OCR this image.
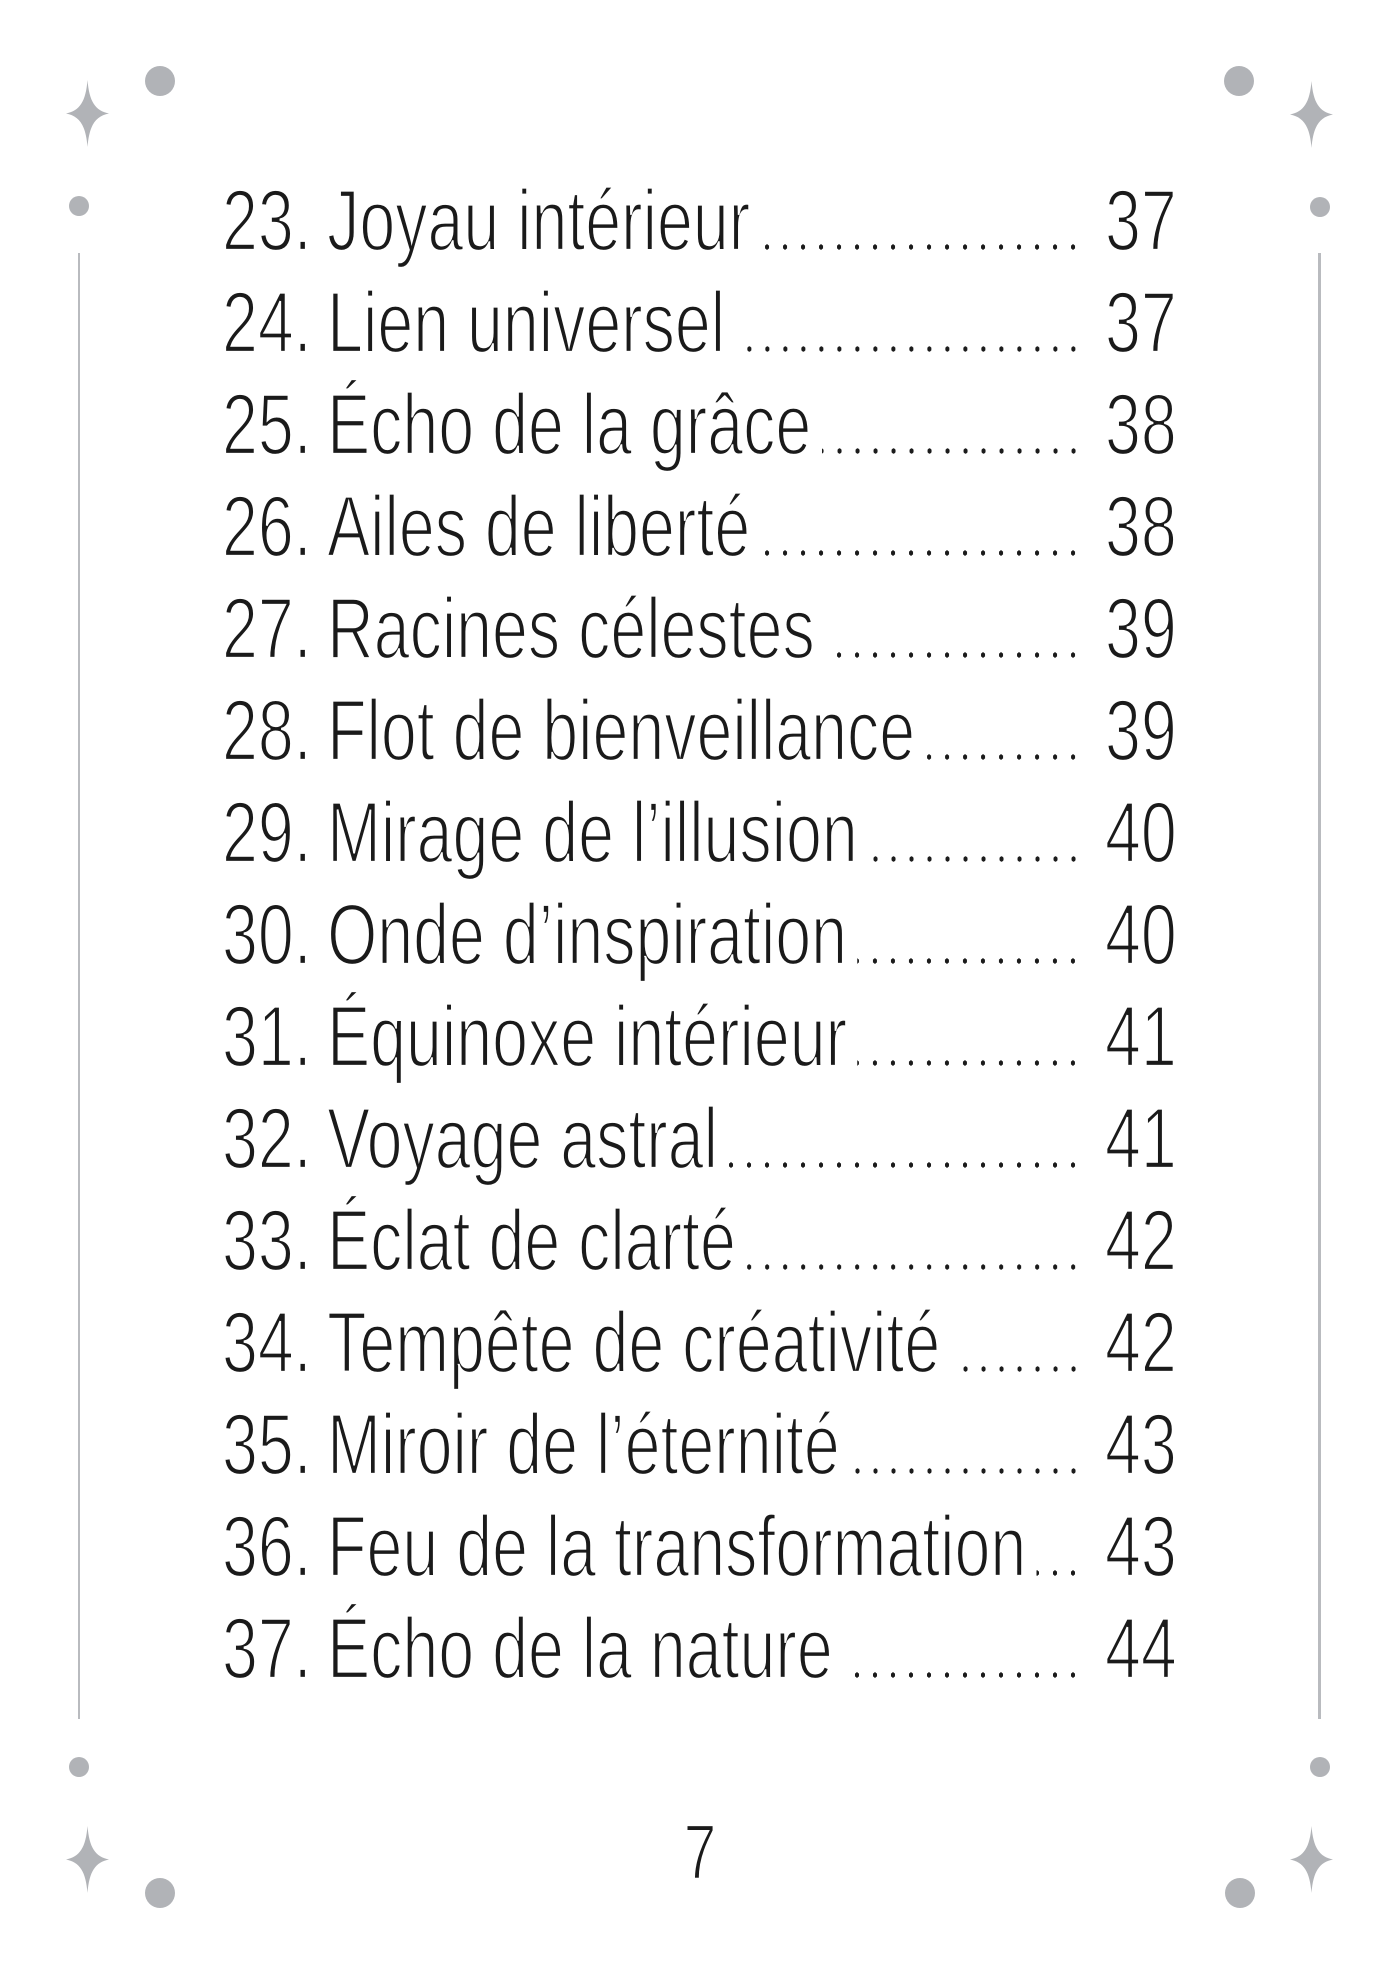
23. Joyau intérieur	37
24. Lien universel	37
25. Écho de la grâce	38
26. Ailes de liberté	38
27. Racines célestes	39
28. Flot de bienveillance 39
29. Mirage de l’illusion	40
30. Onde d’inspiration	40
31. Équinoxe intérieur	41
32. Voyage astral	41
33. Éclat de clarté	42
34. Tempête de créativité 42
35. Miroir de l’éternité	43
36. Feu de la transformation 43
37. Écho de la nature	44
7
